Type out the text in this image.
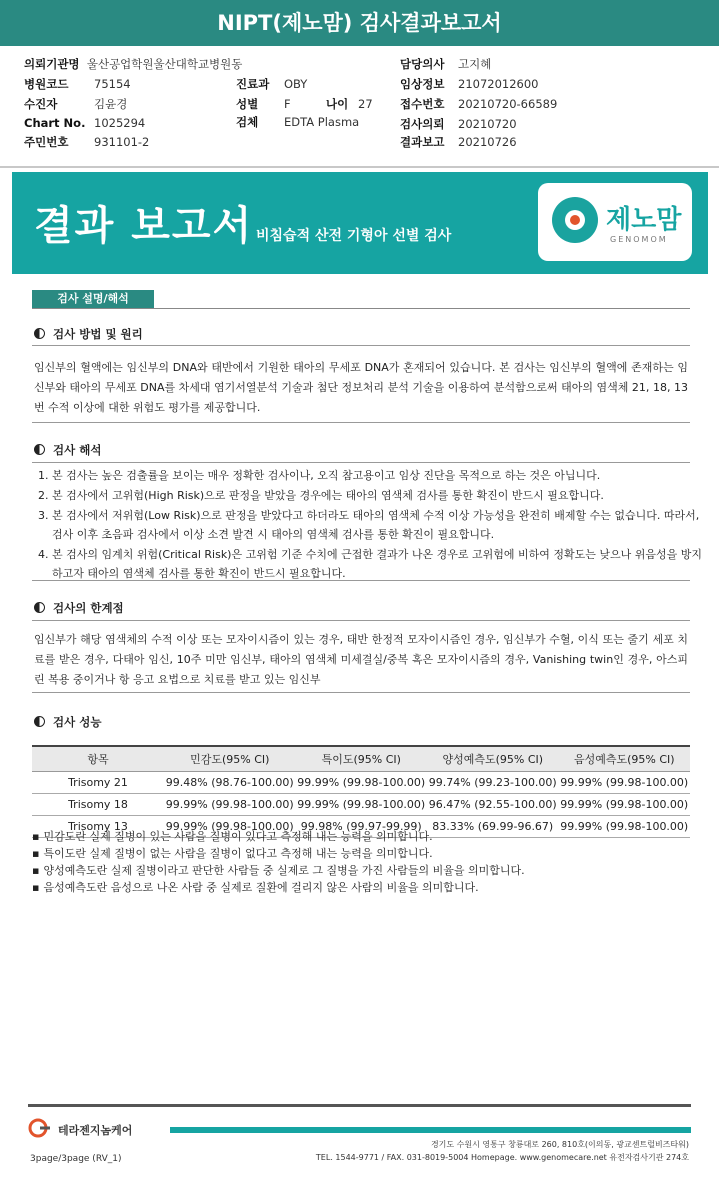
NIPT(제노맘) 검사결과보고서
의뢰기관명 울산공업학원울산대학교병원동
병원코드 75154
수진자	김윤경
Chart No. 1025294
주민번호 931101-2
진료과 OBY
성별 F	나이 27
검체 EDTA Plasma
담당의사 고지혜
임상정보 21072012600
접수번호 20210720-66589
검사의뢰 20210720
결과보고 20210726
결과 보고서 비침습적 산전 기형아 선별 검사
제노맘
GENOMOM
검사 설명/해석
검사 방법 및 원리
임신부의 혈액에는 임신부의 DNA와 태반에서 기원한 태아의 무세포 DNA가 혼재되어 있습니다. 본 검사는 임신부의 혈액에 존재하는 임신부와 태아의 무세포 DNA를 차세대 염기서열분석 기술과 첨단 정보처리 분석 기술을 이용하여 분석함으로써 태아의 염색체 21, 18, 13번 수적 이상에 대한 위험도 평가를 제공합니다.
검사 해석
1. 본 검사는 높은 검출률을 보이는 매우 정확한 검사이나, 오직 참고용이고 임상 진단을 목적으로 하는 것은 아닙니다.
2. 본 검사에서 고위험(High Risk)으로 판정을 받았을 경우에는 태아의 염색체 검사를 통한 확진이 반드시 필요합니다.
3. 본 검사에서 저위험(Low Risk)으로 판정을 받았다고 하더라도 태아의 염색체 수적 이상 가능성을 완전히 배제할 수는 없습니다. 따라서, 검사 이후 초음파 검사에서 이상 소견 발견 시 태아의 염색체 검사를 통한 확진이 필요합니다.
4. 본 검사의 임계치 위험(Critical Risk)은 고위험 기준 수치에 근접한 결과가 나온 경우로 고위험에 비하여 정확도는 낮으나 위음성을 방지하고자 태아의 염색체 검사를 통한 확진이 반드시 필요합니다.
검사의 한계점
임신부가 해당 염색체의 수적 이상 또는 모자이시즘이 있는 경우, 태반 한정적 모자이시즘인 경우, 임신부가 수혈, 이식 또는 줄기 세포 치료를 받은 경우, 다태아 임신, 10주 미만 임신부, 태아의 염색체 미세결실/중복 혹은 모자이시즘의 경우, Vanishing twin인 경우, 아스피린 복용 중이거나 항 응고 요법으로 치료를 받고 있는 임신부
검사 성능
항목	민감도(95% CI)	특이도(95% CI)	양성예측도(95% CI)	음성예측도(95% CI)
Trisomy 21	99.48% (98.76-100.00)	99.99% (99.98-100.00)	99.74% (99.23-100.00)	99.99% (99.98-100.00)
Trisomy 18	99.99% (99.98-100.00)	99.99% (99.98-100.00)	96.47% (92.55-100.00)	99.99% (99.98-100.00)
Trisomy 13	99.99% (99.98-100.00)	99.98% (99.97-99.99)	83.33% (69.99-96.67)	99.99% (99.98-100.00)
▪ 민감도란 실제 질병이 있는 사람을 질병이 있다고 측정해 내는 능력을 의미합니다.
▪ 특이도란 실제 질병이 없는 사람을 질병이 없다고 측정해 내는 능력을 의미합니다.
▪ 양성예측도란 실제 질병이라고 판단한 사람들 중 실제로 그 질병을 가진 사람들의 비율을 의미합니다.
▪ 음성예측도란 음성으로 나온 사람 중 실제로 질환에 걸리지 않은 사람의 비율을 의미합니다.
테라젠지놈케어
3page/3page (RV_1)
경기도 수원시 영통구 창룡대로 260, 810호(이의동, 광교센트럴비즈타워)
TEL. 1544-9771 / FAX. 031-8019-5004 Homepage. www.genomecare.net 유전자검사기관 274호
